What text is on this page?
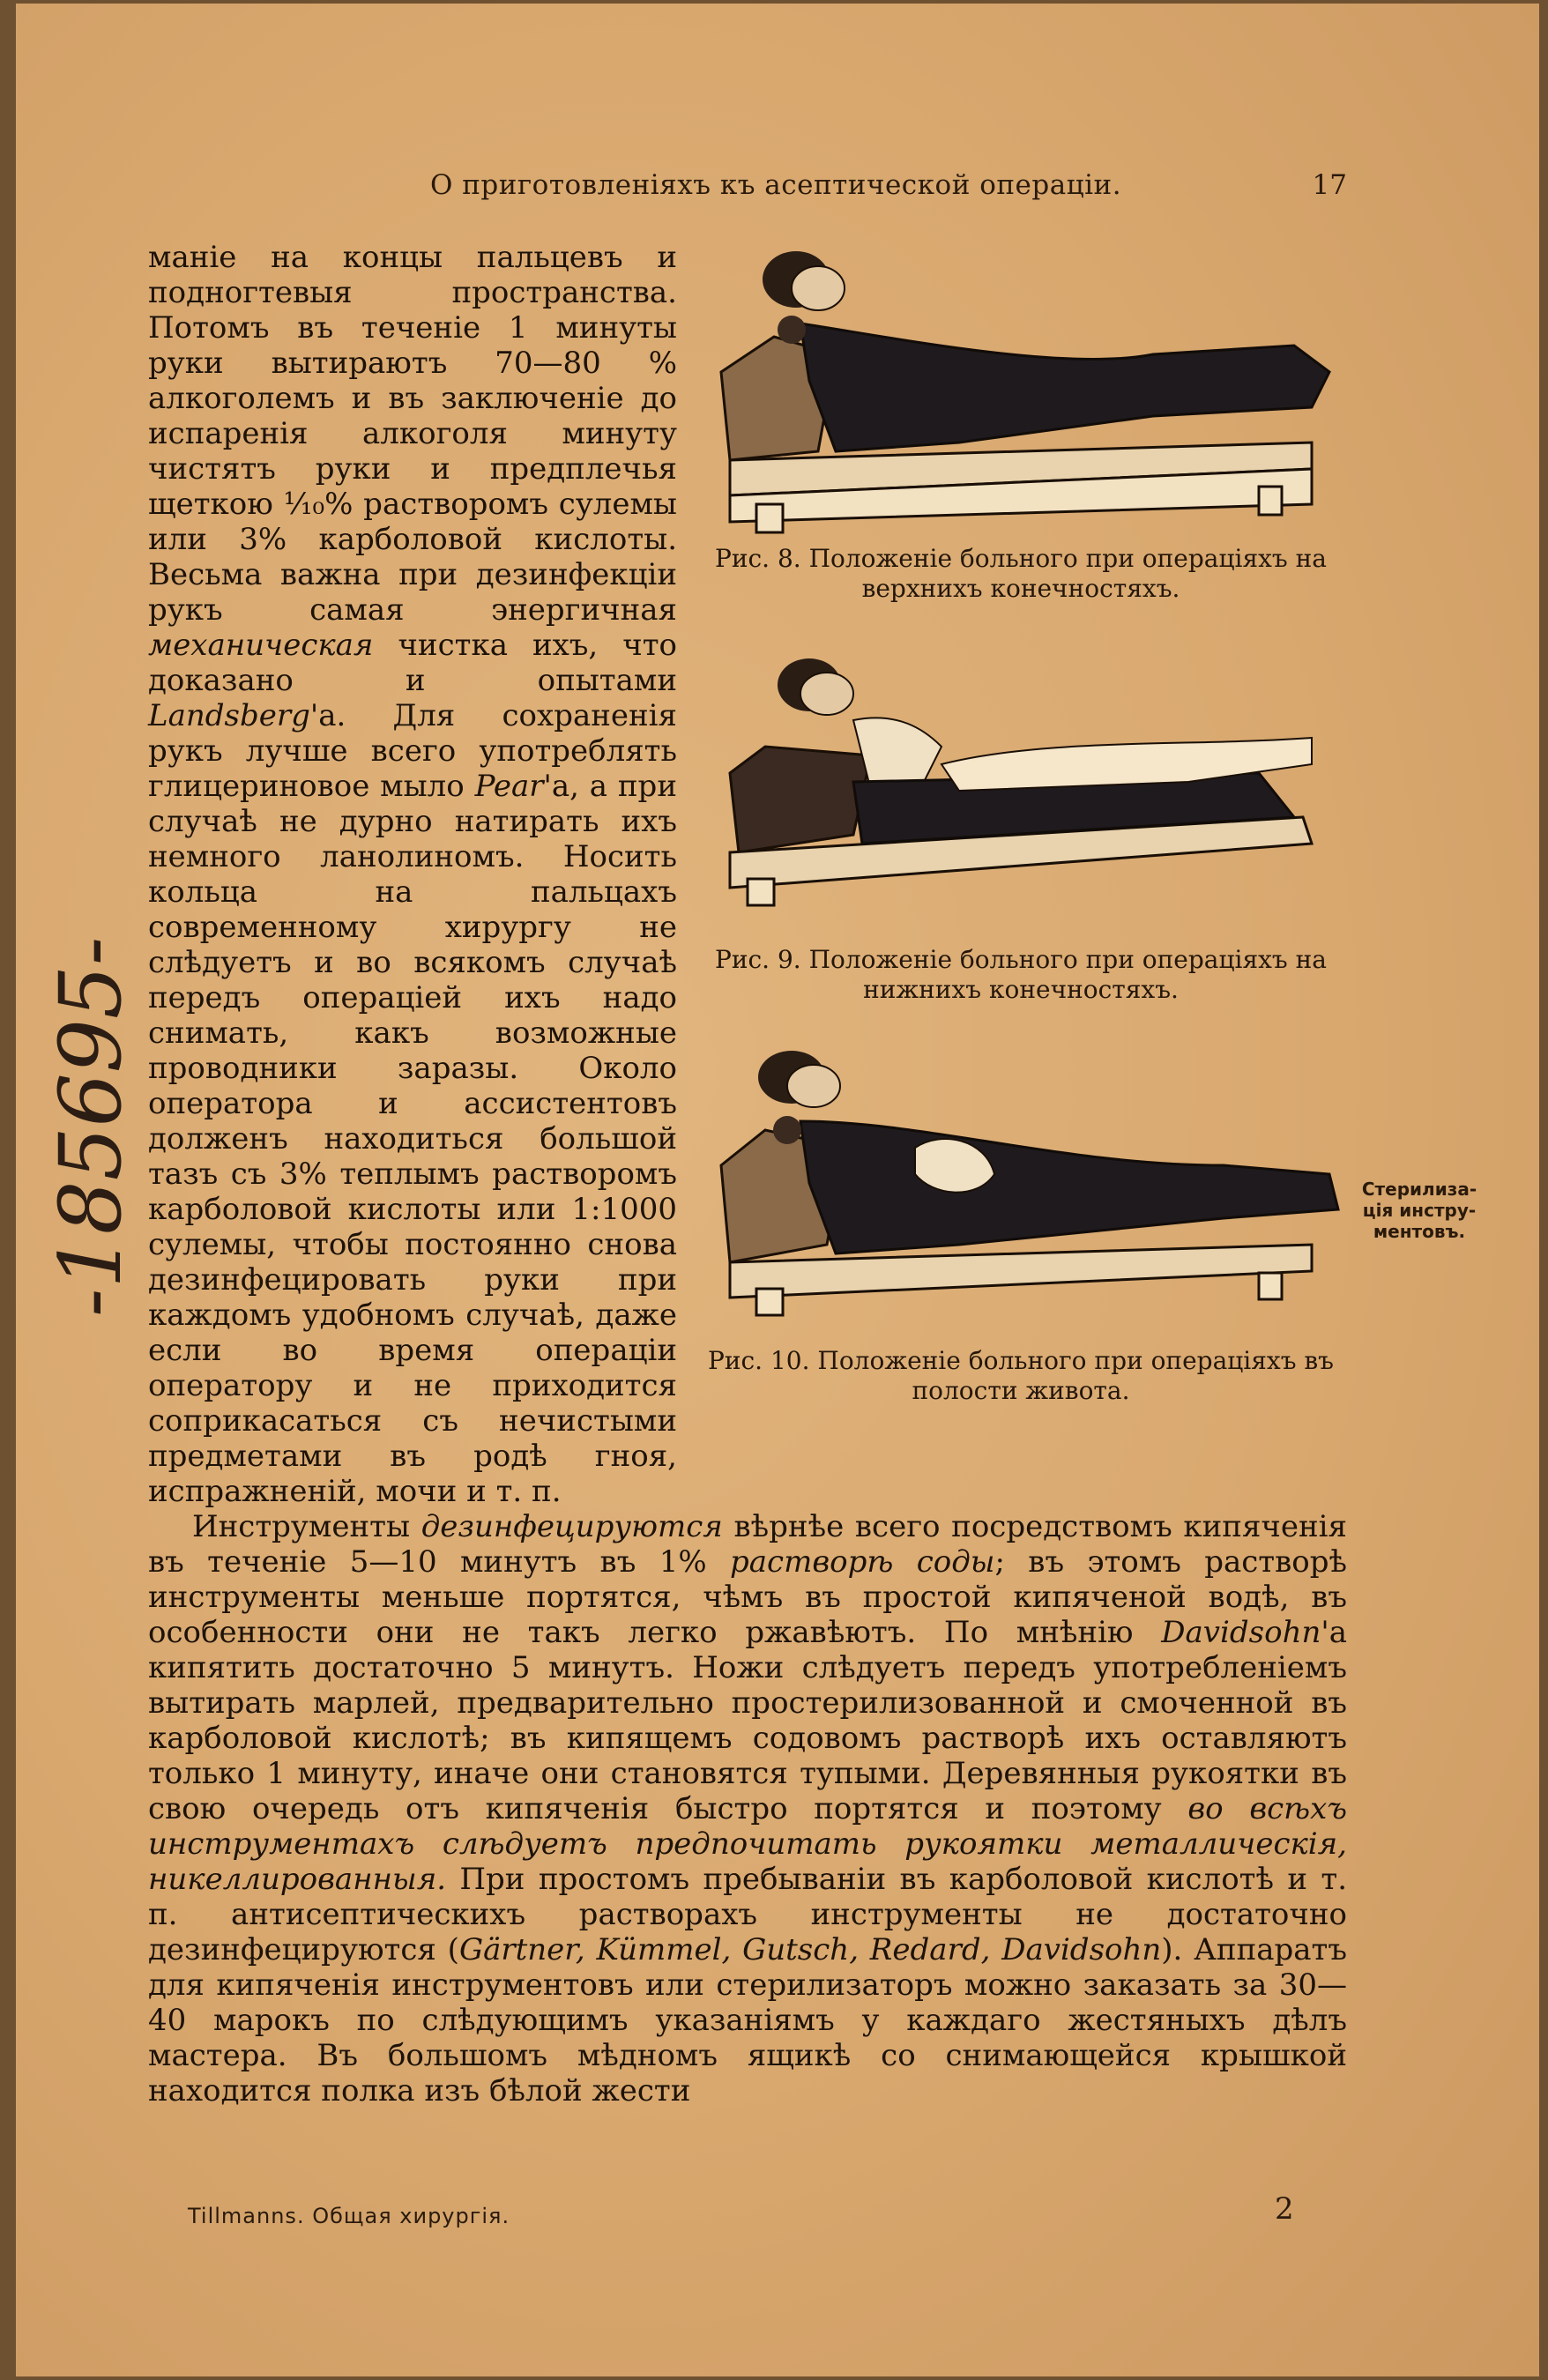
О приготовленіяхъ къ асептической операціи.	17
-185695-	Стерилиза-ція инстру-ментовъ.
Рис. 8. Положеніе больного при операціяхъ на верхнихъ конечностяхъ.
Рис. 9. Положеніе больного при операціяхъ на нижнихъ конечностяхъ.
Рис. 10. Положеніе больного при операціяхъ въ полости живота.

манie на концы пальцевъ и подногтевыя пространства. Потомъ въ теченіе 1 минуты руки вытираютъ 70—80 % алкоголемъ и въ заключеніе до испаренія алкоголя минуту чистятъ руки и предплечья щеткою ¹⁄₁₀% растворомъ сулемы или 3% карболовой кислоты. Весьма важна при дезинфекціи рукъ самая энергичная механическая чистка ихъ, что доказано и опытами Landsberg'а. Для сохраненія рукъ лучше всего употреблять глицериновое мыло Pear'a, а при случаѣ не дурно натирать ихъ немного ланолиномъ. Носить кольца на пальцахъ современному хирургу не слѣдуетъ и во всякомъ случаѣ передъ операціей ихъ надо снимать, какъ возможные проводники заразы. Около оператора и ассистентовъ долженъ находиться большой тазъ съ 3% теплымъ растворомъ карболовой кислоты или 1:1000 сулемы, чтобы постоянно снова дезинфецировать руки при каждомъ удобномъ случаѣ, даже если во время операціи оператору и не приходится соприкасаться съ нечистыми предметами въ родѣ гноя, испражненій, мочи и т. п.

Инструменты дезинфецируются вѣрнѣе всего посредствомъ кипяченія въ теченіе 5—10 минутъ въ 1% растворѣ соды; въ этомъ растворѣ инструменты меньше портятся, чѣмъ въ простой кипяченой водѣ, въ особенности они не такъ легко ржавѣютъ. По мнѣнію Davidsohn'а кипятить достаточно 5 минутъ. Ножи слѣдуетъ передъ употребленіемъ вытирать марлей, предварительно простерилизованной и смоченной въ карболовой кислотѣ; въ кипящемъ содовомъ растворѣ ихъ оставляютъ только 1 минуту, иначе они становятся тупыми. Деревянныя рукоятки въ свою очередь отъ кипяченія быстро портятся и поэтому во всѣхъ инструментахъ слѣдуетъ предпочитать рукоятки металлическія, никеллированныя. При простомъ пребываніи въ карболовой кислотѣ и т. п. антисептическихъ растворахъ инструменты не достаточно дезинфецируются (Gärtner, Kümmel, Gutsch, Redard, Davidsohn). Аппаратъ для кипяченія инструментовъ или стерилизаторъ можно заказать за 30—40 марокъ по слѣдующимъ указаніямъ у каждаго жестяныхъ дѣлъ мастера. Въ большомъ мѣдномъ ящикѣ со снимающейся крышкой находится полка изъ бѣлой жести

Tillmanns. Общая хирургія.	2
